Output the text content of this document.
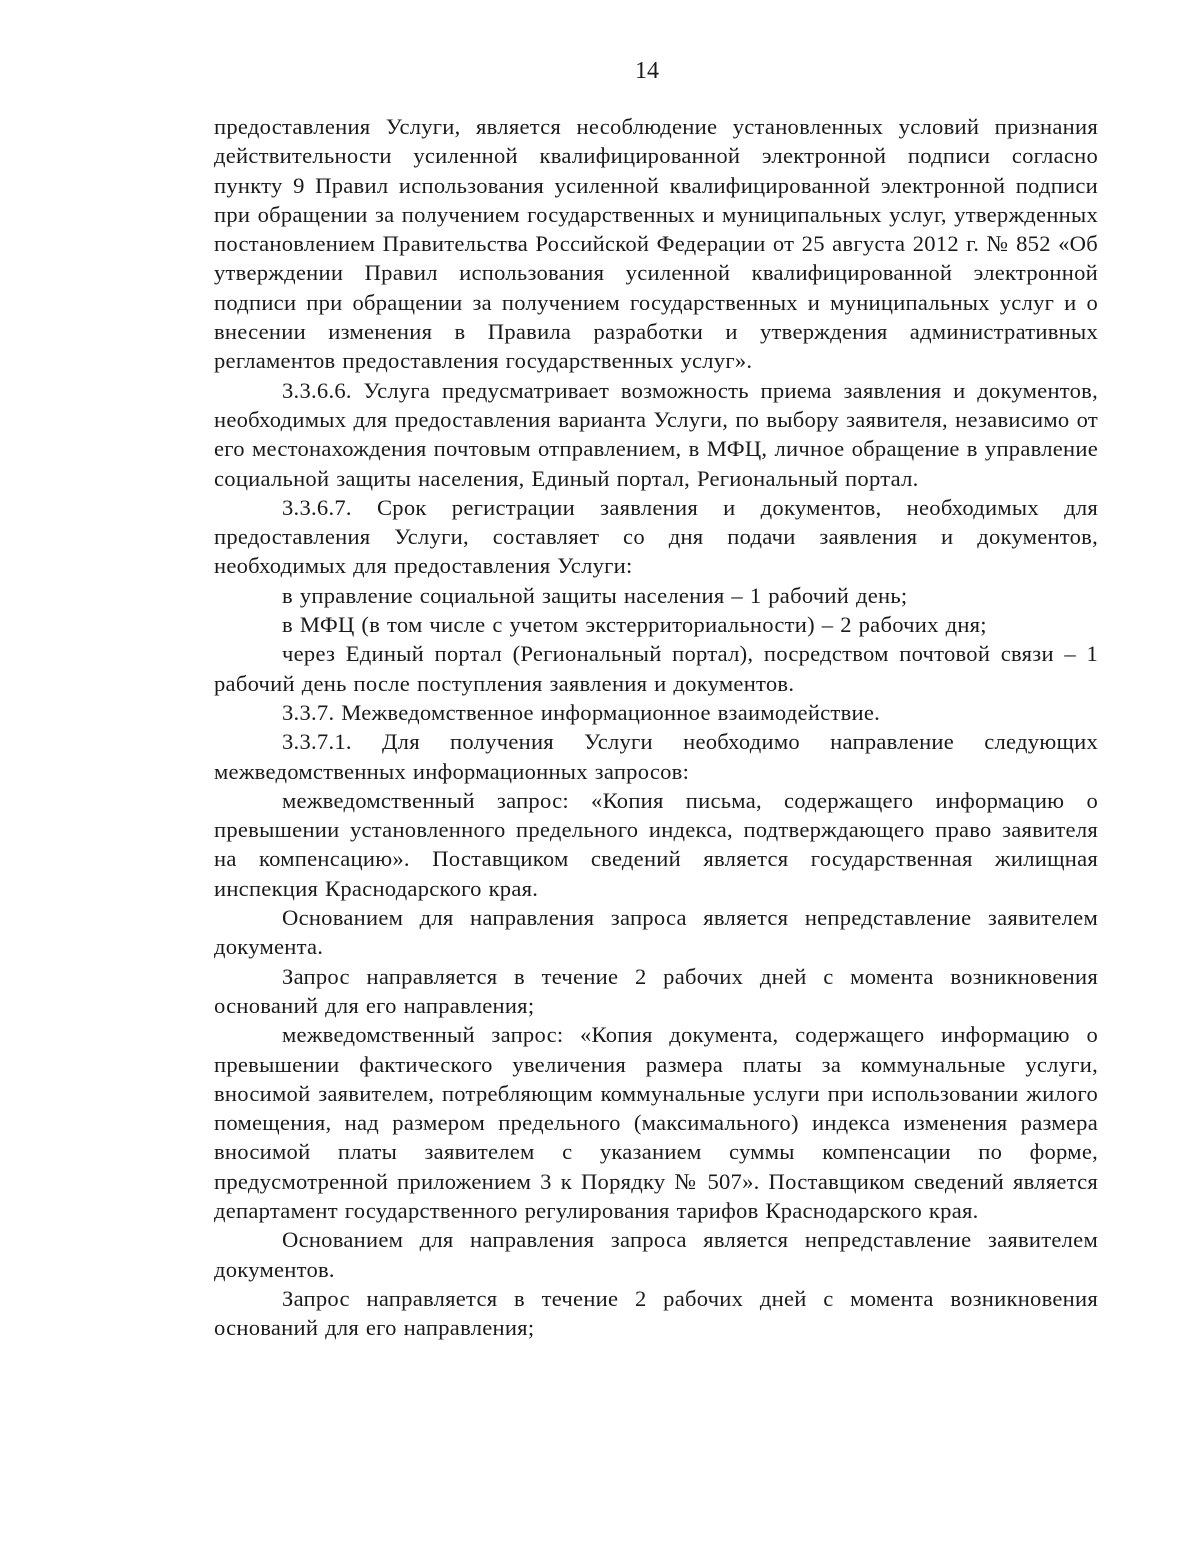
14

предоставления Услуги, является несоблюдение установленных условий признания действительности усиленной квалифицированной электронной подписи согласно пункту 9 Правил использования усиленной квалифицированной электронной подписи при обращении за получением государственных и муниципальных услуг, утвержденных постановлением Правительства Российской Федерации от 25 августа 2012 г. № 852 «Об утверждении Правил использования усиленной квалифицированной электронной подписи при обращении за получением государственных и муниципальных услуг и о внесении изменения в Правила разработки и утверждения административных регламентов предоставления государственных услуг».

3.3.6.6. Услуга предусматривает возможность приема заявления и документов, необходимых для предоставления варианта Услуги, по выбору заявителя, независимо от его местонахождения почтовым отправлением, в МФЦ, личное обращение в управление социальной защиты населения, Единый портал, Региональный портал.

3.3.6.7. Срок регистрации заявления и документов, необходимых для предоставления Услуги, составляет со дня подачи заявления и документов, необходимых для предоставления Услуги:

в управление социальной защиты населения – 1 рабочий день;

в МФЦ (в том числе с учетом экстерриториальности) – 2 рабочих дня;

через Единый портал (Региональный портал), посредством почтовой связи – 1 рабочий день после поступления заявления и документов.

3.3.7. Межведомственное информационное взаимодействие.

3.3.7.1. Для получения Услуги необходимо направление следующих межведомственных информационных запросов:

межведомственный запрос: «Копия письма, содержащего информацию о превышении установленного предельного индекса, подтверждающего право заявителя на компенсацию». Поставщиком сведений является государственная жилищная инспекция Краснодарского края.

Основанием для направления запроса является непредставление заявителем документа.

Запрос направляется в течение 2 рабочих дней с момента возникновения оснований для его направления;

межведомственный запрос: «Копия документа, содержащего информацию о превышении фактического увеличения размера платы за коммунальные услуги, вносимой заявителем, потребляющим коммунальные услуги при использовании жилого помещения, над размером предельного (максимального) индекса изменения размера вносимой платы заявителем с указанием суммы компенсации по форме, предусмотренной приложением 3 к Порядку № 507». Поставщиком сведений является департамент государственного регулирования тарифов Краснодарского края.

Основанием для направления запроса является непредставление заявителем документов.

Запрос направляется в течение 2 рабочих дней с момента возникновения оснований для его направления;
